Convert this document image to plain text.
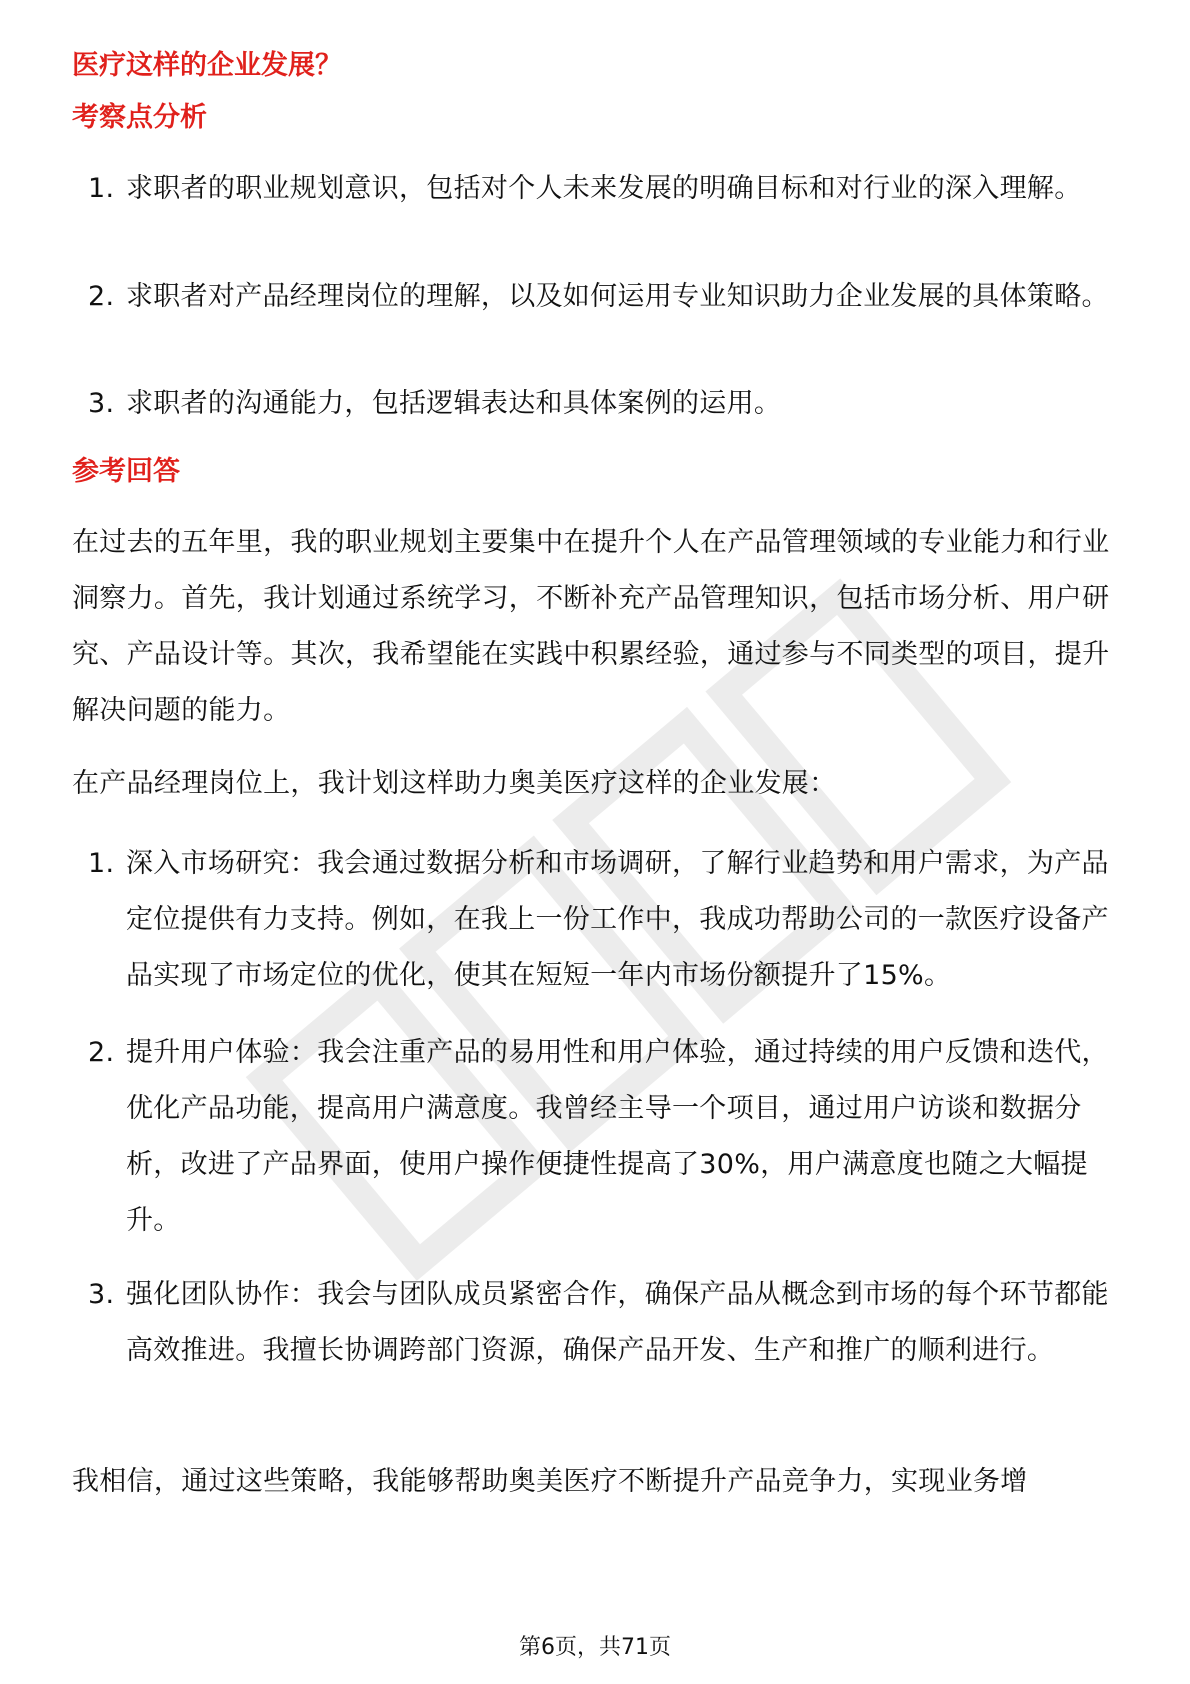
医疗这样的企业发展？
考察点分析
1. 求职者的职业规划意识，包括对个人未来发展的明确目标和对行业的深入理解。
2. 求职者对产品经理岗位的理解，以及如何运用专业知识助力企业发展的具体策略。
3. 求职者的沟通能力，包括逻辑表达和具体案例的运用。
参考回答

在过去的五年里，我的职业规划主要集中在提升个人在产品管理领域的专业能力和行业洞察力。首先，我计划通过系统学习，不断补充产品管理知识，包括市场分析、用户研究、产品设计等。其次，我希望能在实践中积累经验，通过参与不同类型的项目，提升解决问题的能力。

在产品经理岗位上，我计划这样助力奥美医疗这样的企业发展：

1. 深入市场研究：我会通过数据分析和市场调研，了解行业趋势和用户需求，为产品定位提供有力支持。例如，在我上一份工作中，我成功帮助公司的一款医疗设备产品实现了市场定位的优化，使其在短短一年内市场份额提升了15%。
2. 提升用户体验：我会注重产品的易用性和用户体验，通过持续的用户反馈和迭代，优化产品功能，提高用户满意度。我曾经主导一个项目，通过用户访谈和数据分析，改进了产品界面，使用户操作便捷性提高了30%，用户满意度也随之大幅提升。
3. 强化团队协作：我会与团队成员紧密合作，确保产品从概念到市场的每个环节都能高效推进。我擅长协调跨部门资源，确保产品开发、生产和推广的顺利进行。

我相信，通过这些策略，我能够帮助奥美医疗不断提升产品竞争力，实现业务增

第6页，共71页
